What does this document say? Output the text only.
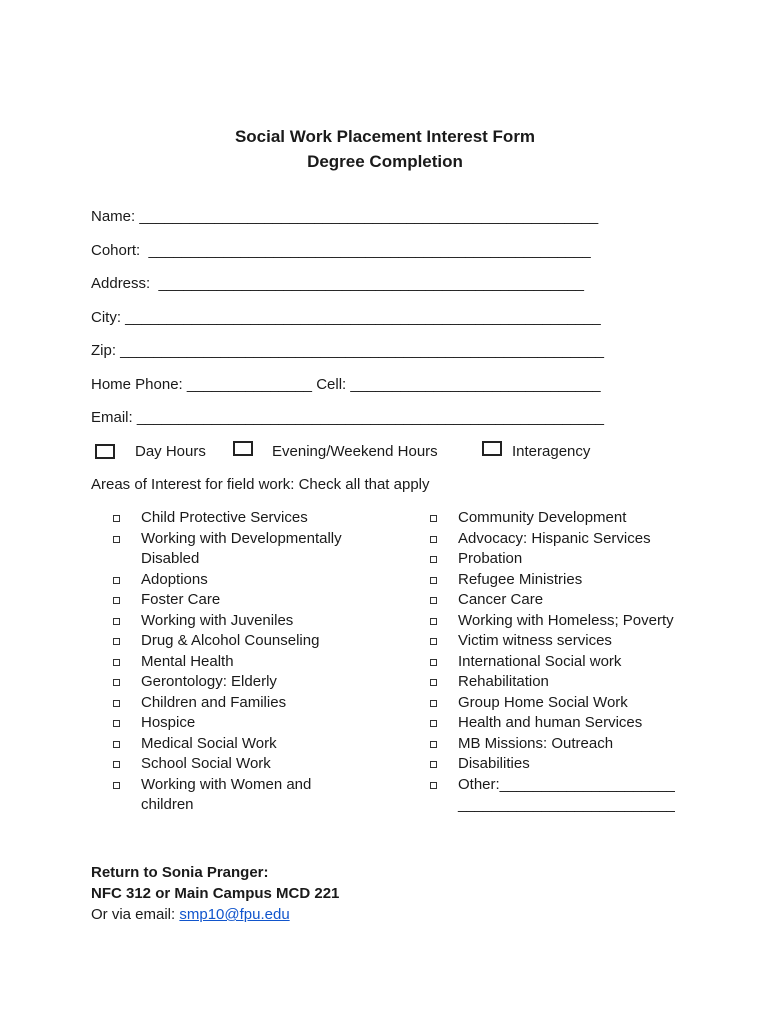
Social Work Placement Interest Form
Degree Completion
Name: _______________________________________________________
Cohort:  _____________________________________________________
Address:  ___________________________________________________
City: _________________________________________________________
Zip: __________________________________________________________
Home Phone: _______________ Cell: ______________________________
Email: ________________________________________________________
Day Hours	Evening/Weekend Hours	Interagency
Areas of Interest for field work: Check all that apply
Child Protective Services
Working with Developmentally Disabled
Adoptions
Foster Care
Working with Juveniles
Drug & Alcohol Counseling
Mental Health
Gerontology: Elderly
Children and Families
Hospice
Medical Social Work
School Social Work
Working with Women and children
Community Development
Advocacy: Hispanic Services
Probation
Refugee Ministries
Cancer Care
Working with Homeless; Poverty
Victim witness services
International Social work
Rehabilitation
Group Home Social Work
Health and human Services
MB Missions: Outreach
Disabilities
Other:_____________________ __________________________
Return to Sonia Pranger:
NFC 312 or Main Campus MCD 221
Or via email: smp10@fpu.edu
